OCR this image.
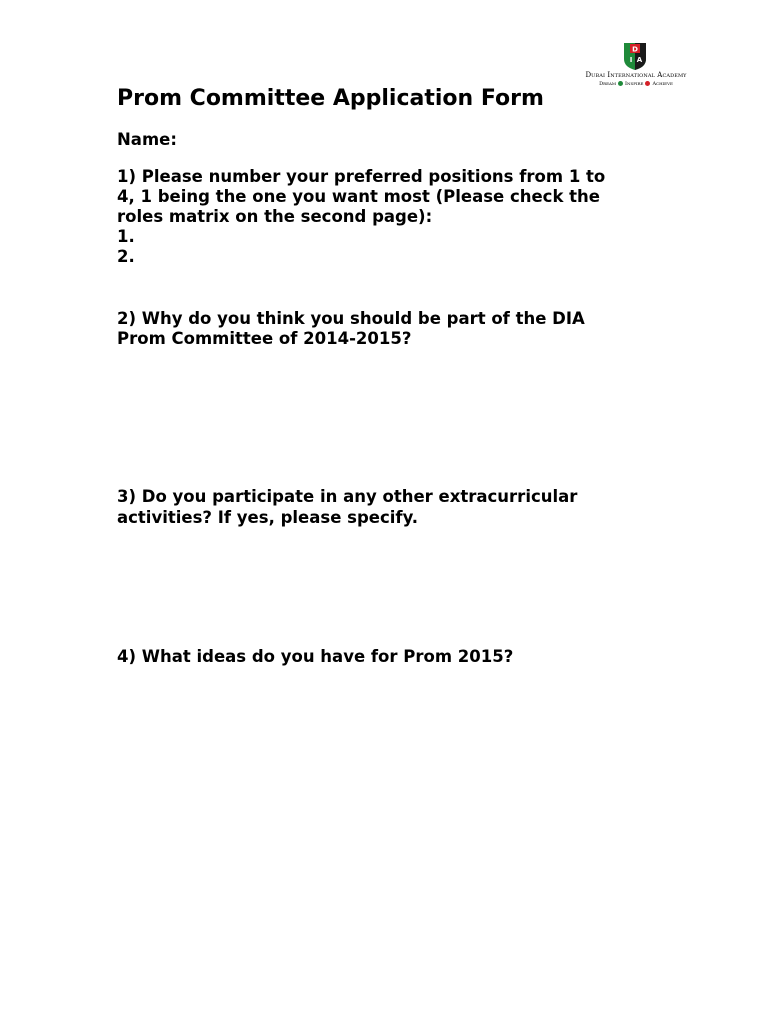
D
I A
Dubai International Academy
Dream Inspire Achieve
Prom Committee Application Form
Name:
1) Please number your preferred positions from 1 to
4, 1 being the one you want most (Please check the
roles matrix on the second page):
1.
2.
2) Why do you think you should be part of the DIA
Prom Committee of 2014-2015?
3) Do you participate in any other extracurricular
activities? If yes, please specify.
4) What ideas do you have for Prom 2015?
